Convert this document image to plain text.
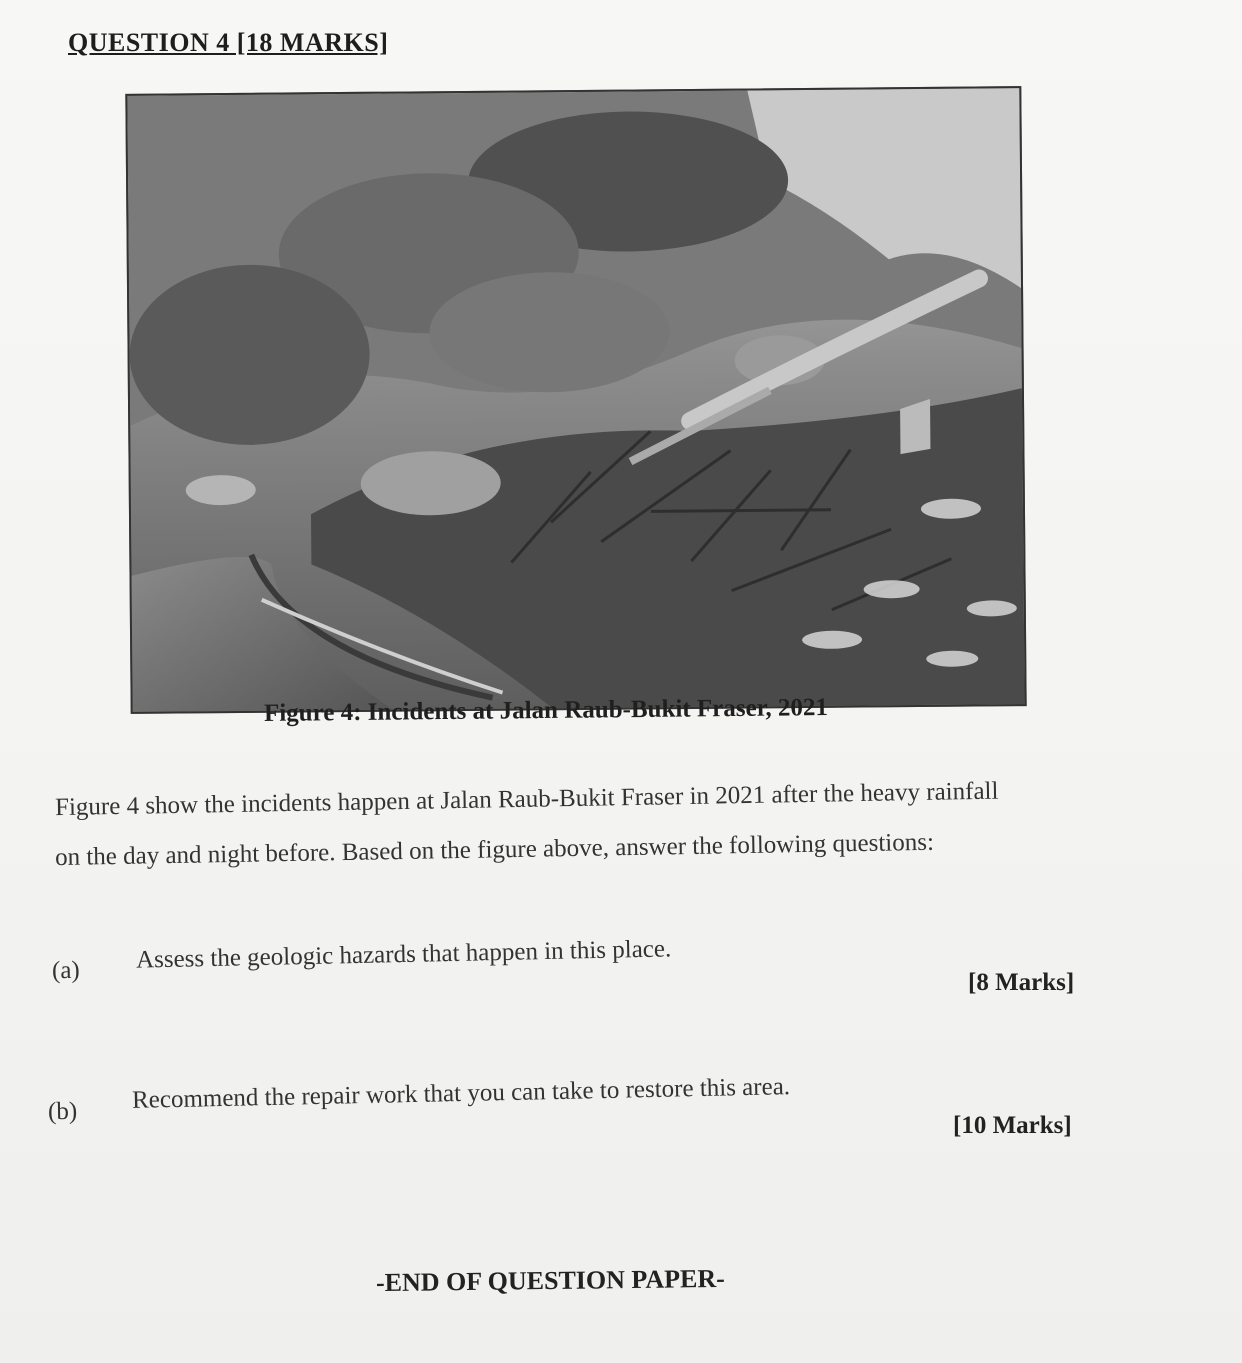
QUESTION 4 [18 MARKS]
Figure 4: Incidents at Jalan Raub-Bukit Fraser, 2021
Figure 4 show the incidents happen at Jalan Raub-Bukit Fraser in 2021 after the heavy rainfall
on the day and night before. Based on the figure above, answer the following questions:
(a) Assess the geologic hazards that happen in this place.
[8 Marks]
(b) Recommend the repair work that you can take to restore this area.
[10 Marks]
-END OF QUESTION PAPER-
